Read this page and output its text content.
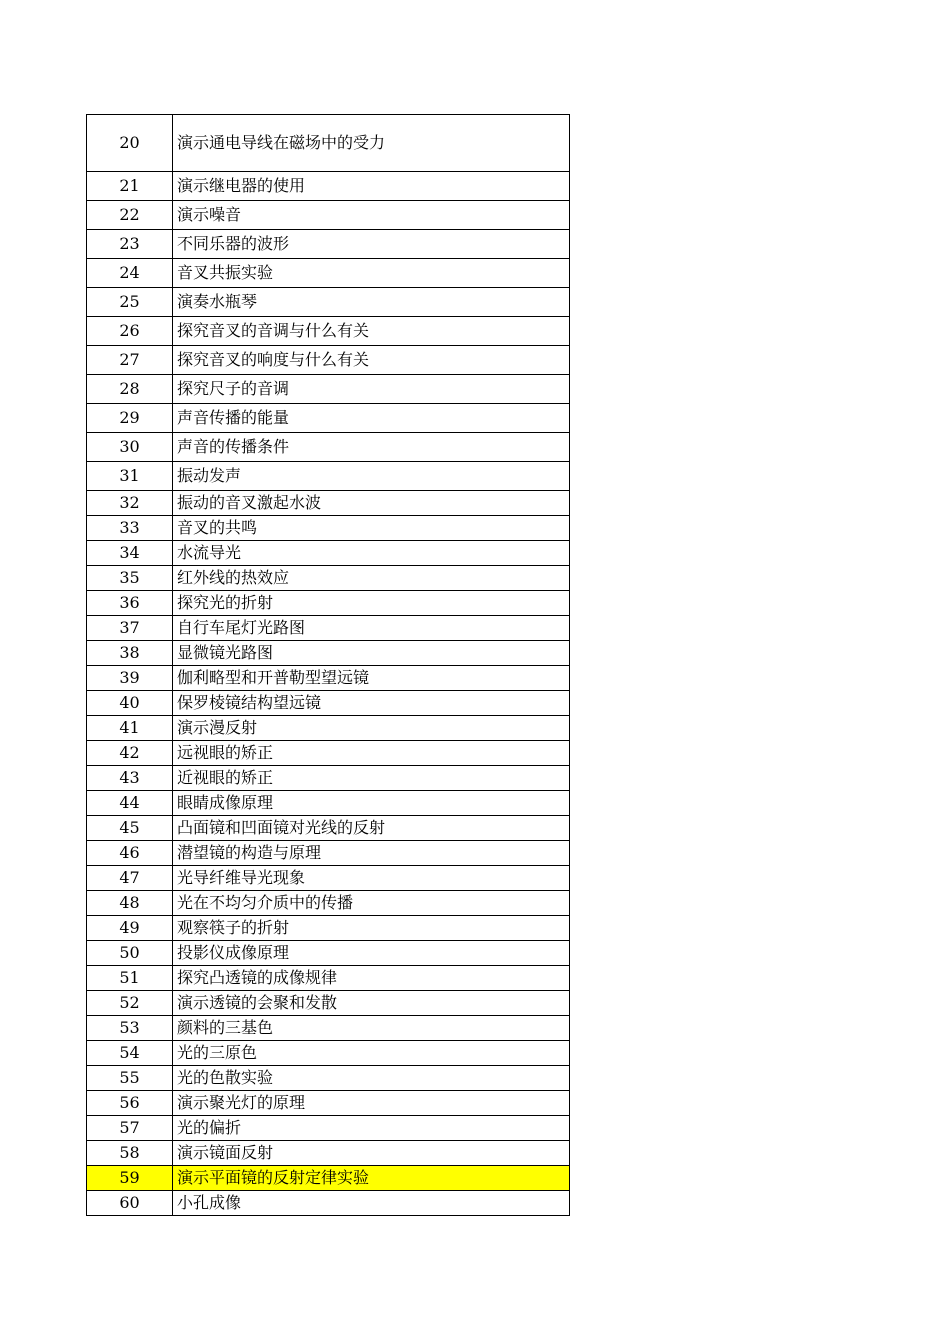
20	演示通电导线在磁场中的受力
21	演示继电器的使用
22	演示噪音
23	不同乐器的波形
24	音叉共振实验
25	演奏水瓶琴
26	探究音叉的音调与什么有关
27	探究音叉的响度与什么有关
28	探究尺子的音调
29	声音传播的能量
30	声音的传播条件
31	振动发声
32	振动的音叉激起水波
33	音叉的共鸣
34	水流导光
35	红外线的热效应
36	探究光的折射
37	自行车尾灯光路图
38	显微镜光路图
39	伽利略型和开普勒型望远镜
40	保罗棱镜结构望远镜
41	演示漫反射
42	远视眼的矫正
43	近视眼的矫正
44	眼睛成像原理
45	凸面镜和凹面镜对光线的反射
46	潜望镜的构造与原理
47	光导纤维导光现象
48	光在不均匀介质中的传播
49	观察筷子的折射
50	投影仪成像原理
51	探究凸透镜的成像规律
52	演示透镜的会聚和发散
53	颜料的三基色
54	光的三原色
55	光的色散实验
56	演示聚光灯的原理
57	光的偏折
58	演示镜面反射
59	演示平面镜的反射定律实验
60	小孔成像
